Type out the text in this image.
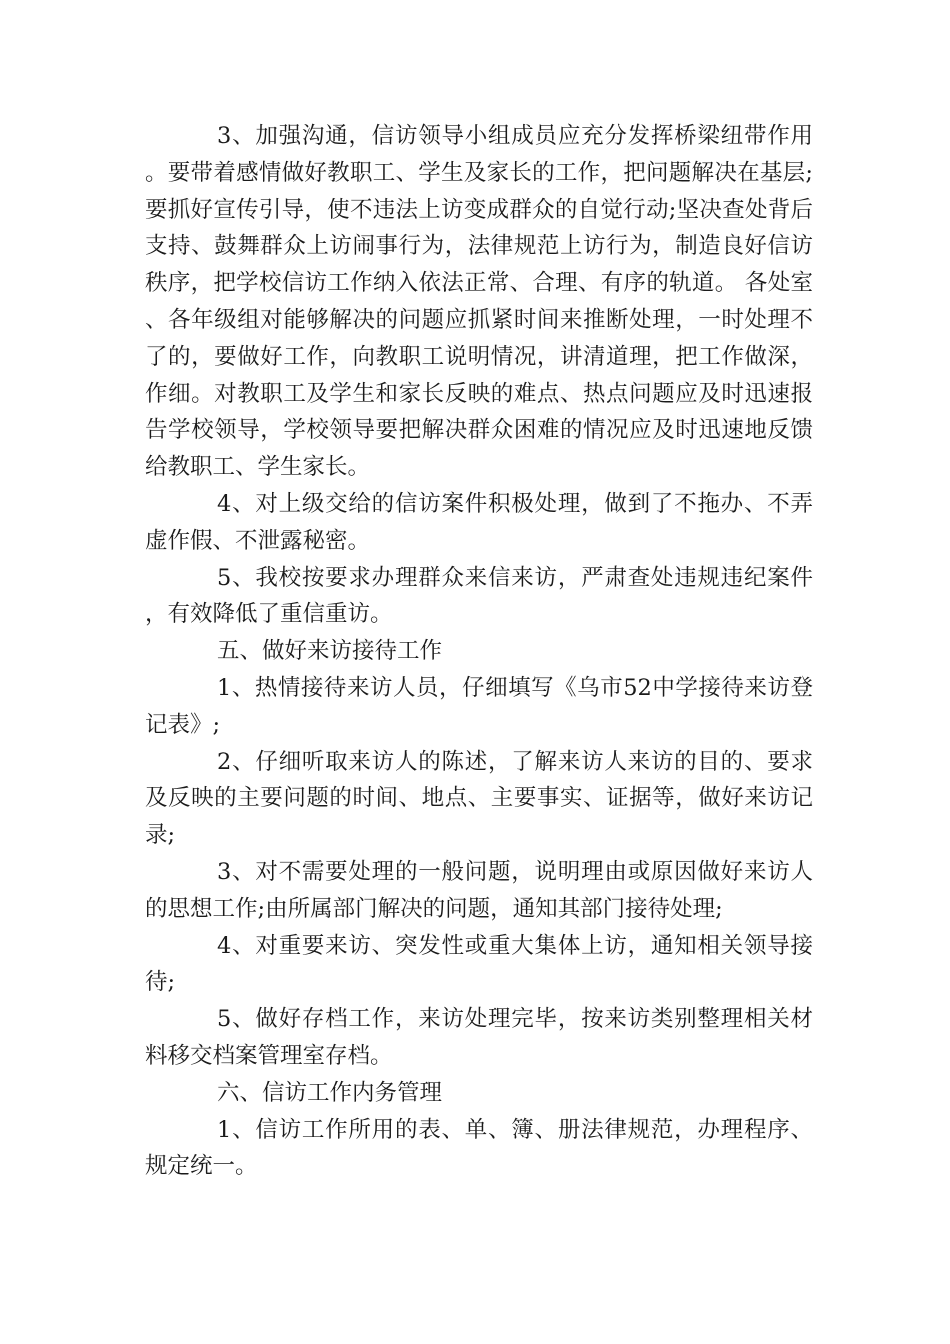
3、加强沟通，信访领导小组成员应充分发挥桥梁纽带作用。要带着感情做好教职工、学生及家长的工作，把问题解决在基层;要抓好宣传引导，使不违法上访变成群众的自觉行动;坚决查处背后支持、鼓舞群众上访闹事行为，法律规范上访行为，制造良好信访秩序，把学校信访工作纳入依法正常、合理、有序的轨道。 各处室、各年级组对能够解决的问题应抓紧时间来推断处理，一时处理不了的，要做好工作，向教职工说明情况，讲清道理，把工作做深，作细。对教职工及学生和家长反映的难点、热点问题应及时迅速报告学校领导，学校领导要把解决群众困难的情况应及时迅速地反馈给教职工、学生家长。

4、对上级交给的信访案件积极处理，做到了不拖办、不弄虚作假、不泄露秘密。

5、我校按要求办理群众来信来访，严肃查处违规违纪案件，有效降低了重信重访。

五、做好来访接待工作

1、热情接待来访人员，仔细填写《乌市52中学接待来访登记表》;

2、仔细听取来访人的陈述，了解来访人来访的目的、要求及反映的主要问题的时间、地点、主要事实、证据等，做好来访记录;

3、对不需要处理的一般问题，说明理由或原因做好来访人的思想工作;由所属部门解决的问题，通知其部门接待处理;

4、对重要来访、突发性或重大集体上访，通知相关领导接待;

5、做好存档工作，来访处理完毕，按来访类别整理相关材料移交档案管理室存档。

六、信访工作内务管理

1、信访工作所用的表、单、簿、册法律规范，办理程序、规定统一。
